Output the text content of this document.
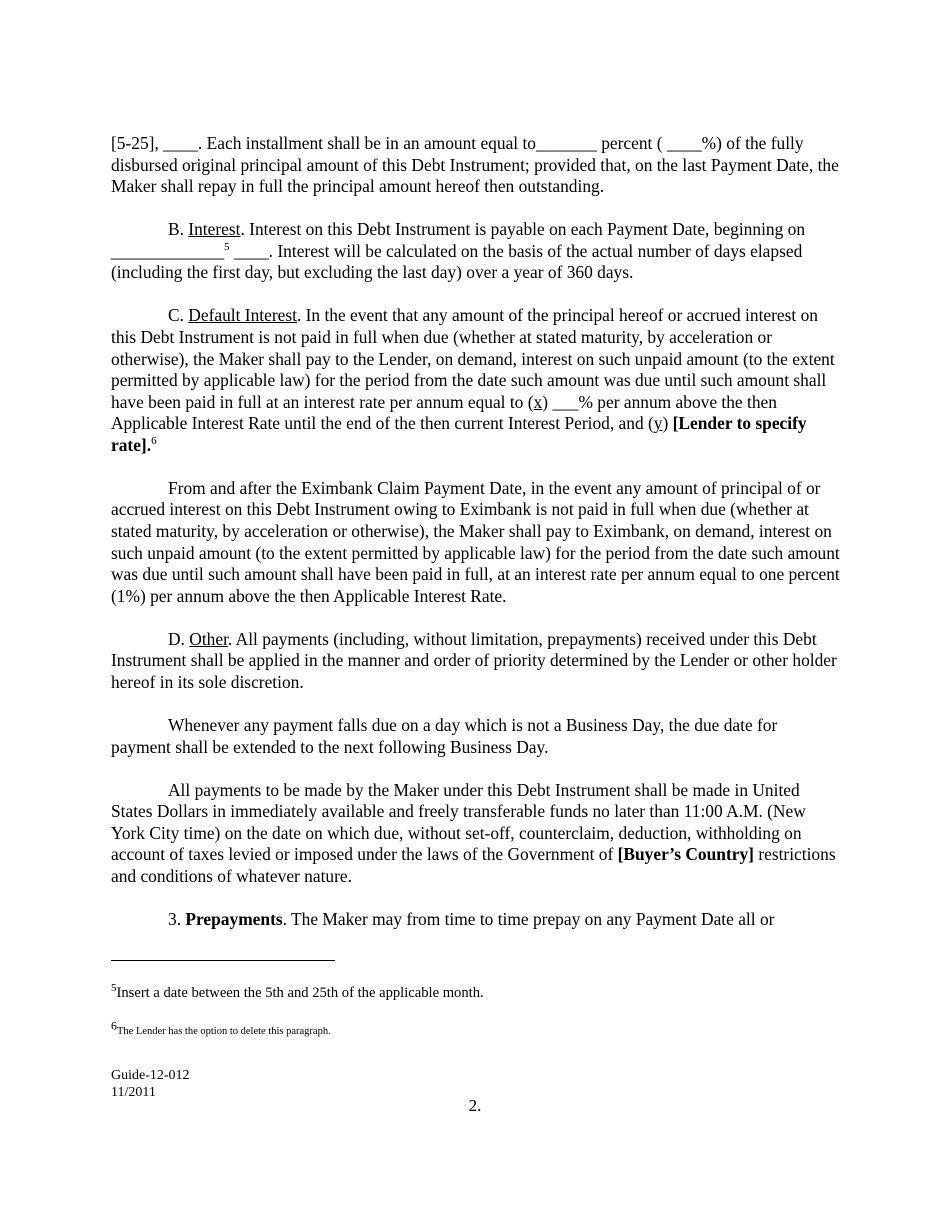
[5-25], ____. Each installment shall be in an amount equal to_______ percent ( ____%) of the fully disbursed original principal amount of this Debt Instrument; provided that, on the last Payment Date, the Maker shall repay in full the principal amount hereof then outstanding.

B. Interest. Interest on this Debt Instrument is payable on each Payment Date, beginning on _____________$^5$ ____. Interest will be calculated on the basis of the actual number of days elapsed (including the first day, but excluding the last day) over a year of 360 days.

C. Default Interest. In the event that any amount of the principal hereof or accrued interest on this Debt Instrument is not paid in full when due (whether at stated maturity, by acceleration or otherwise), the Maker shall pay to the Lender, on demand, interest on such unpaid amount (to the extent permitted by applicable law) for the period from the date such amount was due until such amount shall have been paid in full at an interest rate per annum equal to (x) ___% per annum above the then Applicable Interest Rate until the end of the then current Interest Period, and (y) [Lender to specify rate].$^6$

From and after the Eximbank Claim Payment Date, in the event any amount of principal of or accrued interest on this Debt Instrument owing to Eximbank is not paid in full when due (whether at stated maturity, by acceleration or otherwise), the Maker shall pay to Eximbank, on demand, interest on such unpaid amount (to the extent permitted by applicable law) for the period from the date such amount was due until such amount shall have been paid in full, at an interest rate per annum equal to one percent (1%) per annum above the then Applicable Interest Rate.

D. Other. All payments (including, without limitation, prepayments) received under this Debt Instrument shall be applied in the manner and order of priority determined by the Lender or other holder hereof in its sole discretion.

Whenever any payment falls due on a day which is not a Business Day, the due date for payment shall be extended to the next following Business Day.

All payments to be made by the Maker under this Debt Instrument shall be made in United States Dollars in immediately available and freely transferable funds no later than 11:00 A.M. (New York City time) on the date on which due, without set-off, counterclaim, deduction, withholding on account of taxes levied or imposed under the laws of the Government of [Buyer’s Country] restrictions and conditions of whatever nature.

3. Prepayments. The Maker may from time to time prepay on any Payment Date all or

$^5$Insert a date between the 5th and 25th of the applicable month.
6The Lender has the option to delete this paragraph.
Guide-12-012
11/2011
2.
